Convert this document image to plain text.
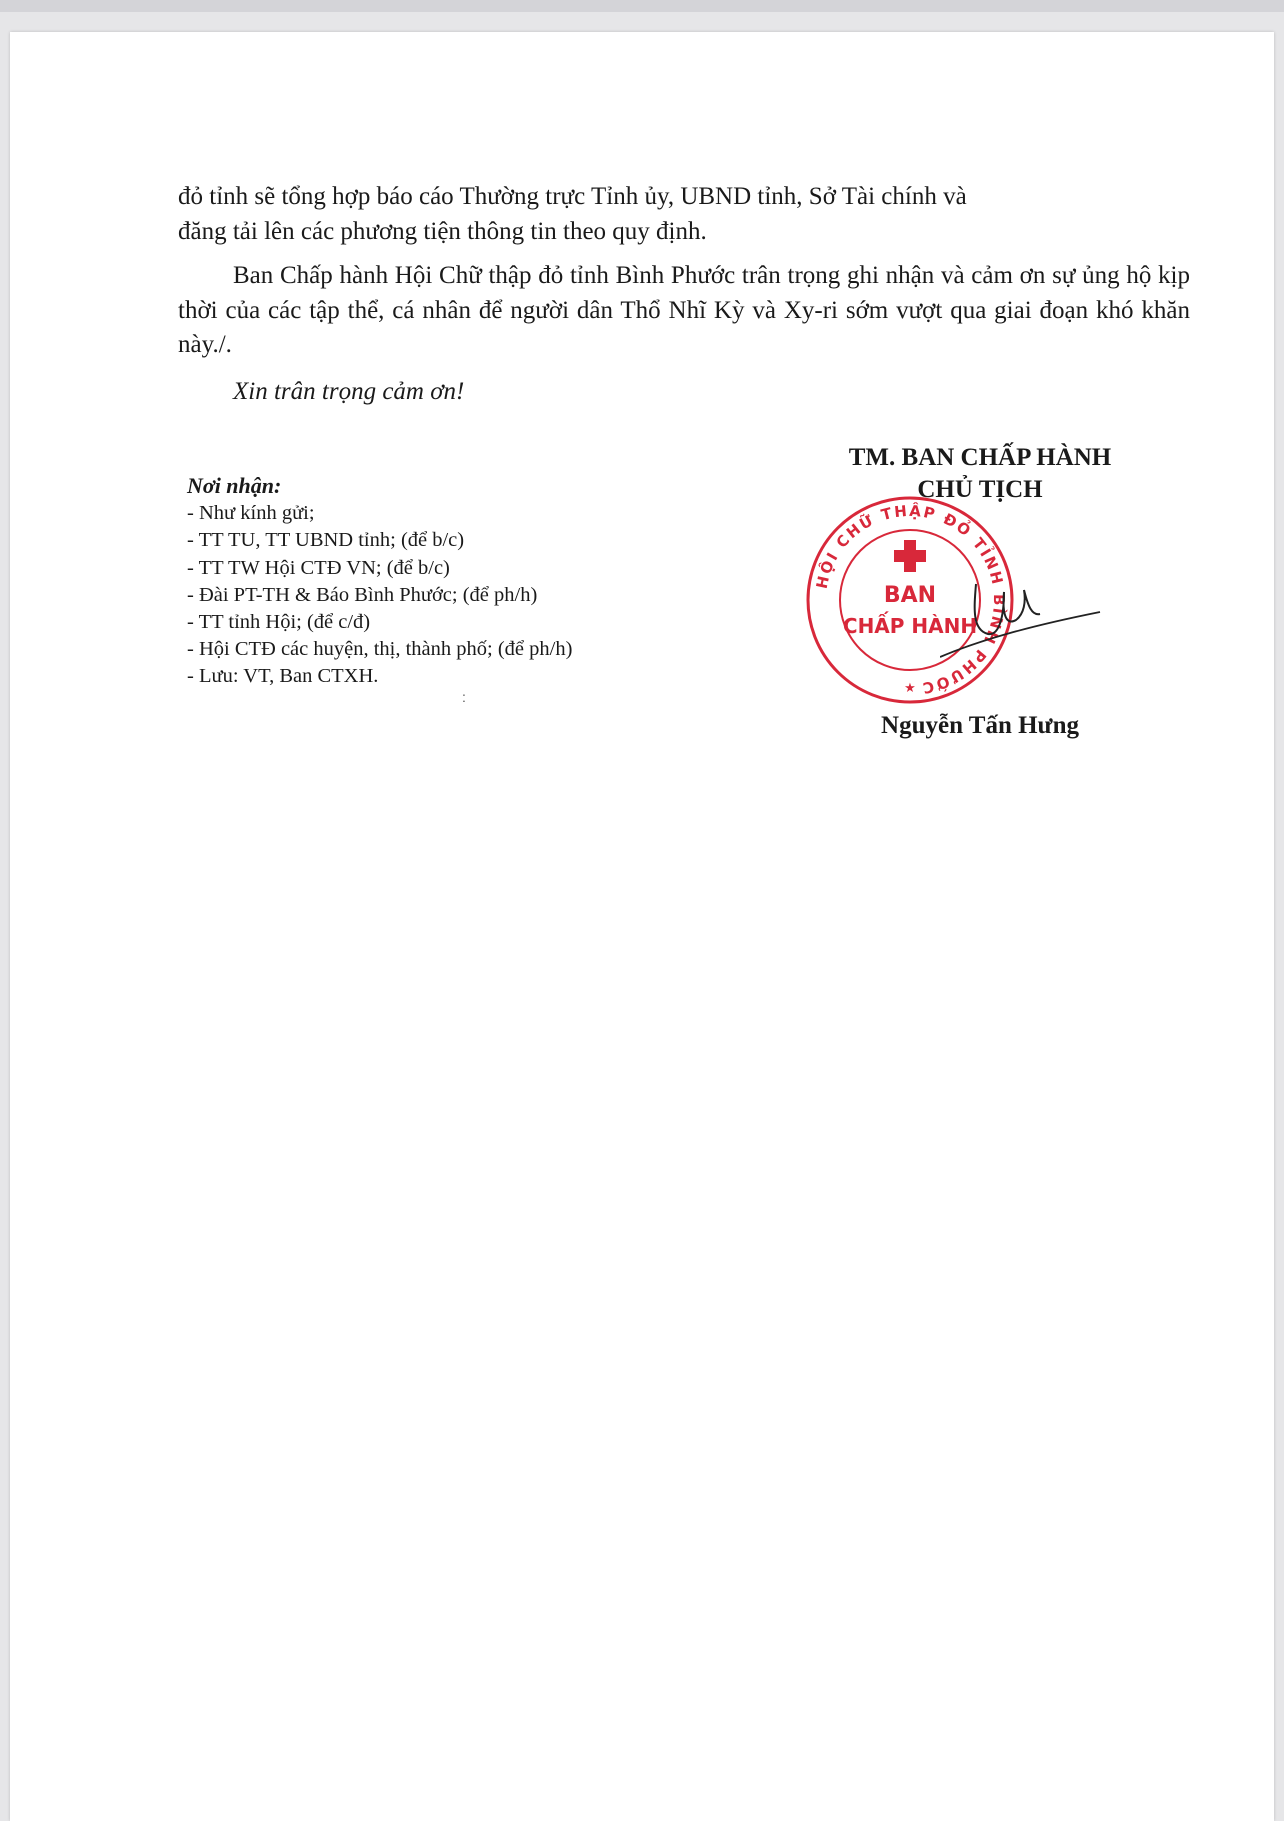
đỏ tỉnh sẽ tổng hợp báo cáo Thường trực Tỉnh ủy, UBND tỉnh, Sở Tài chính và

đăng tải lên các phương tiện thông tin theo quy định.

Ban Chấp hành Hội Chữ thập đỏ tỉnh Bình Phước trân trọng ghi nhận và cảm ơn sự ủng hộ kịp thời của các tập thể, cá nhân để người dân Thổ Nhĩ Kỳ và Xy-ri sớm vượt qua giai đoạn khó khăn này./.

Xin trân trọng cảm ơn!

Nơi nhận:
- Như kính gửi;
- TT TU, TT UBND tỉnh; (để b/c)
- TT TW Hội CTĐ VN; (để b/c)
- Đài PT-TH & Báo Bình Phước; (để ph/h)
- TT tỉnh Hội; (để c/đ)
- Hội CTĐ các huyện, thị, thành phố; (để ph/h)
- Lưu: VT, Ban CTXH.
TM. BAN CHẤP HÀNH
CHỦ TỊCH
HỘI CHỮ THẬP ĐỎ TỈNH BÌNH PHƯỚC
BAN
CHẤP HÀNH
★
Nguyễn Tấn Hưng
:
